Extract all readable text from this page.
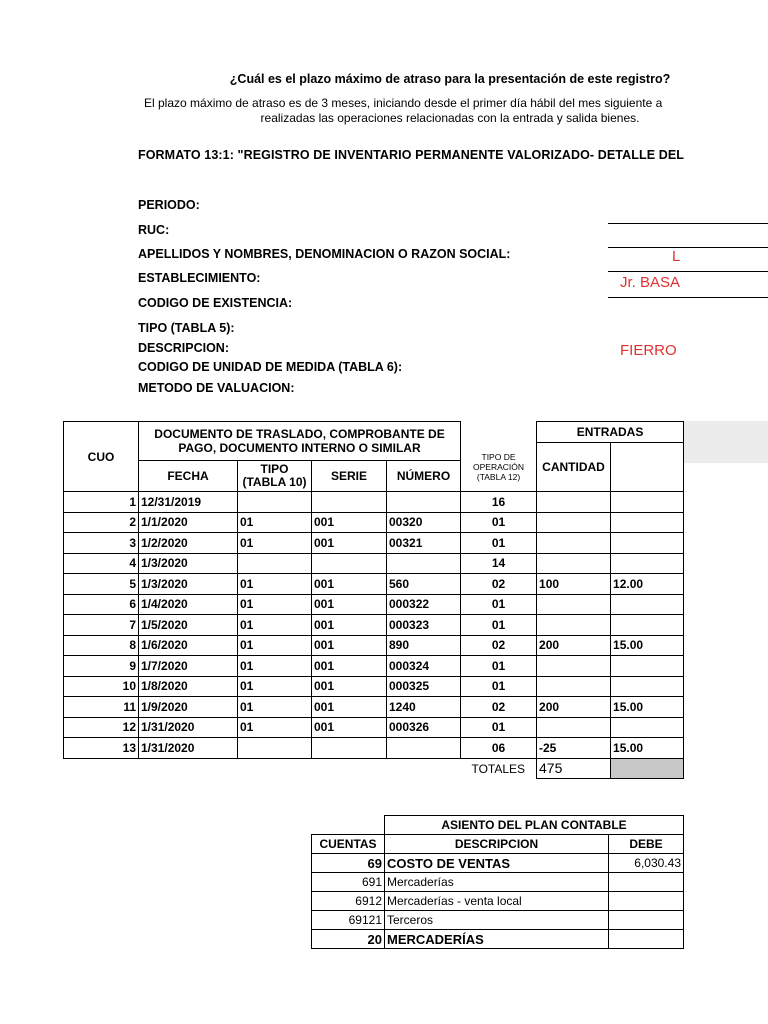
¿Cuál es el plazo máximo de atraso para la presentación de este registro?
El plazo máximo de atraso es de 3 meses, iniciando desde el primer día hábil del mes siguiente a
realizadas las operaciones relacionadas con la entrada y salida bienes.
FORMATO 13:1: "REGISTRO DE INVENTARIO PERMANENTE VALORIZADO- DETALLE DEL
PERIODO:
RUC:
APELLIDOS Y NOMBRES, DENOMINACION O RAZON SOCIAL:	L
ESTABLECIMIENTO:	Jr. BASA
CODIGO DE EXISTENCIA:
TIPO (TABLA 5):
DESCRIPCION:	FIERRO
CODIGO DE UNIDAD DE MEDIDA (TABLA 6):
METODO DE VALUACION:
CUO	DOCUMENTO DE TRASLADO, COMPROBANTE DE PAGO, DOCUMENTO INTERNO O SIMILAR					ENTRADAS	
					TIPO DE OPERACIÓN (TABLA 12)	CANTIDAD	
	FECHA	TIPO (TABLA 10)	SERIE	NÚMERO			
1	12/31/2019				16		
2	1/1/2020	01	001	00320	01		
3	1/2/2020	01	001	00321	01		
4	1/3/2020				14		
5	1/3/2020	01	001	560	02	100	12.00
6	1/4/2020	01	001	000322	01		
7	1/5/2020	01	001	000323	01		
8	1/6/2020	01	001	890	02	200	15.00
9	1/7/2020	01	001	000324	01		
10	1/8/2020	01	001	000325	01		
11	1/9/2020	01	001	1240	02	200	15.00
12	1/31/2020	01	001	000326	01		
13	1/31/2020				06	-25	15.00
					TOTALES	475	
	ASIENTO DEL PLAN CONTABLE	
CUENTAS	DESCRIPCION	DEBE
69	COSTO DE VENTAS	6,030.43
691	Mercaderías	
6912	Mercaderías - venta local	
69121	Terceros	
20	MERCADERÍAS	
